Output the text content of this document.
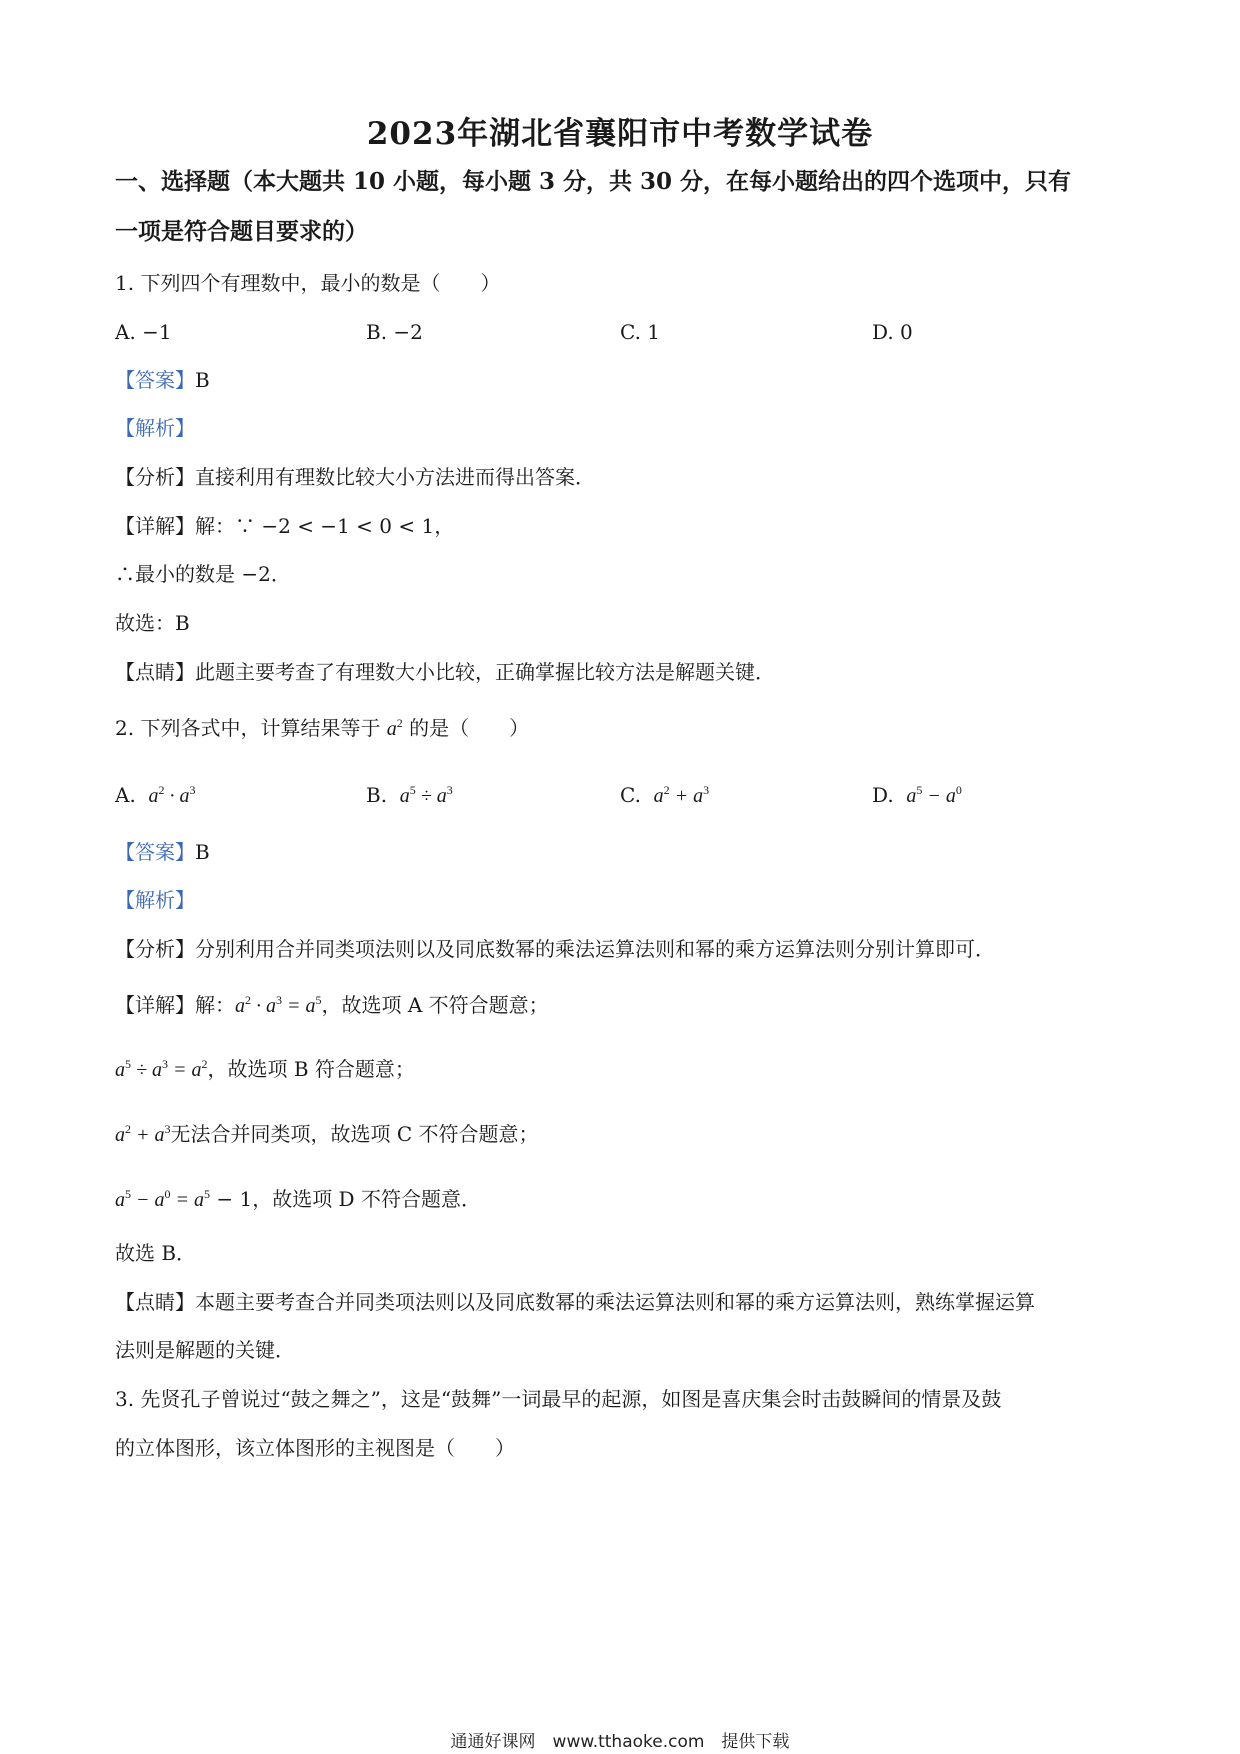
2023年湖北省襄阳市中考数学试卷
一、选择题（本大题共 10 小题，每小题 3 分，共 30 分，在每小题给出的四个选项中，只有
一项是符合题目要求的）
1. 下列四个有理数中，最小的数是（　　）
A. −1	B. −2	C. 1	D. 0
【答案】B
【解析】
【分析】直接利用有理数比较大小方法进而得出答案．
【详解】解：∵ −2 < −1 < 0 < 1，
∴最小的数是 −2．
故选：B
【点睛】此题主要考查了有理数大小比较，正确掌握比较方法是解题关键．
2. 下列各式中，计算结果等于 $a^2$ 的是（　　）
A. $a^2 \cdot a^3$	B. $a^5 \div a^3$	C. $a^2 + a^3$	D. $a^5 - a^0$
【答案】B
【解析】
【分析】分别利用合并同类项法则以及同底数幂的乘法运算法则和幂的乘方运算法则分别计算即可．
【详解】解：$a^2 \cdot a^3 = a^5$，故选项 A 不符合题意；
$a^5 \div a^3 = a^2$，故选项 B 符合题意；
$a^2 + a^3$无法合并同类项，故选项 C 不符合题意；
$a^5 - a^0 = a^5 - 1$，故选项 D 不符合题意．
故选 B．
【点睛】本题主要考查合并同类项法则以及同底数幂的乘法运算法则和幂的乘方运算法则，熟练掌握运算
法则是解题的关键．
3. 先贤孔子曾说过“鼓之舞之”，这是“鼓舞”一词最早的起源，如图是喜庆集会时击鼓瞬间的情景及鼓
的立体图形，该立体图形的主视图是（　　）
通通好课网　www.tthaoke.com　提供下载
